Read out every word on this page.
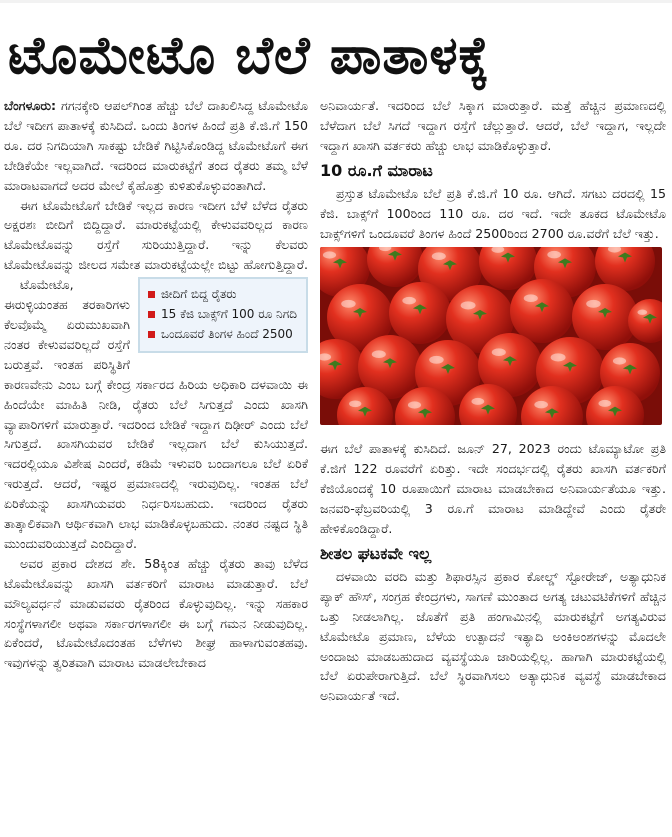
ಟೊಮೇಟೊ ಬೆಲೆ ಪಾತಾಳಕ್ಕೆ

ಬೆಂಗಳೂರು: ಗಗನಕ್ಕೇರಿ ಆಪಲ್‌ಗಿಂತ ಹೆಚ್ಚು ಬೆಲೆ ದಾಖಲಿಸಿದ್ದ ಟೊಮೇಟೊ ಬೆಲೆ ಇದೀಗ ಪಾತಾಳಕ್ಕೆ ಕುಸಿದಿದೆ. ಒಂದು ತಿಂಗಳ ಹಿಂದೆ ಪ್ರತಿ ಕೆ.ಜಿ.ಗೆ 150 ರೂ. ದರ ನಿಗದಿಯಾಗಿ ಸಾಕಷ್ಟು ಬೇಡಿಕೆ ಗಿಟ್ಟಿಸಿಕೊಂಡಿದ್ದ ಟೊಮೇಟೊಗೆ ಈಗ ಬೇಡಿಕೆಯೇ ಇಲ್ಲವಾಗಿದೆ. ಇದರಿಂದ ಮಾರುಕಟ್ಟೆಗೆ ತಂದ ರೈತರು ತಮ್ಮ ಬೆಳೆ ಮಾರಾಟವಾಗದೆ ಅದರ ಮೇಲೆ ಕೈಹೊತ್ತು ಕುಳಿತುಕೊಳ್ಳುವಂತಾಗಿದೆ.

ಈಗ ಟೊಮೇಟೊಗೆ ಬೇಡಿಕೆ ಇಲ್ಲದ ಕಾರಣ ಇದೀಗ ಬೆಳೆ ಬೆಳೆದ ರೈತರು ಅಕ್ಷರಶಃ ಬೀದಿಗೆ ಬಿದ್ದಿದ್ದಾರೆ. ಮಾರುಕಟ್ಟೆಯಲ್ಲಿ ಕೇಳುವವರಿಲ್ಲದ ಕಾರಣ ಟೊಮೇಟೊವನ್ನು ರಸ್ತೆಗೆ ಸುರಿಯುತ್ತಿದ್ದಾರೆ. ಇನ್ನು ಕೆಲವರು ಟೊಮೇಟೊವನ್ನು ಜೀಲದ ಸಮೇತ ಮಾರುಕಟ್ಟೆಯಲ್ಲೇ ಬಿಟ್ಟು ಹೋಗುತ್ತಿದ್ದಾರೆ.

ಜೀದಿಗೆ ಬಿದ್ದ ರೈತರು
15 ಕೆಜಿ ಬಾಕ್ಸ್‌ಗೆ 100 ರೂ ನಿಗದಿ
ಒಂದೂವರೆ ತಿಂಗಳ ಹಿಂದೆ 2500

ಟೊಮೇಟೊ, ಈರುಳ್ಳಿಯಂತಹ ತರಕಾರಿಗಳು ಕೆಲವೊಮ್ಮೆ ಏರುಮುಖವಾಗಿ ನಂತರ ಕೇಳುವವರಿಲ್ಲದೆ ರಸ್ತೆಗೆ ಬರುತ್ತವೆ. ಇಂತಹ ಪರಿಸ್ಥಿತಿಗೆ ಕಾರಣವೇನು ಎಂಬ ಬಗ್ಗೆ ಕೇಂದ್ರ ಸರ್ಕಾರದ ಹಿರಿಯ ಅಧಿಕಾರಿ ದಳವಾಯಿ ಈ ಹಿಂದೆಯೇ ಮಾಹಿತಿ ನೀಡಿ, ರೈತರು ಬೆಲೆ ಸಿಗುತ್ತದೆ ಎಂದು ಖಾಸಗಿ ವ್ಯಾಪಾರಿಗಳಿಗೆ ಮಾರುತ್ತಾರೆ. ಇದರಿಂದ ಬೇಡಿಕೆ ಇದ್ದಾಗ ದಿಢೀರ್ ಎಂದು ಬೆಲೆ ಸಿಗುತ್ತದೆ. ಖಾಸಗಿಯವರ ಬೇಡಿಕೆ ಇಲ್ಲದಾಗ ಬೆಲೆ ಕುಸಿಯುತ್ತದೆ. ಇದರಲ್ಲಿಯೂ ವಿಶೇಷ ಎಂದರೆ, ಕಡಿಮೆ ಇಳುವರಿ ಬಂದಾಗಲೂ ಬೆಲೆ ಏರಿಕೆ ಇರುತ್ತದೆ. ಆದರೆ, ಇಷ್ಟರ ಪ್ರಮಾಣದಲ್ಲಿ ಇರುವುದಿಲ್ಲ. ಇಂತಹ ಬೆಲೆ ಏರಿಕೆಯನ್ನು ಖಾಸಗಿಯವರು ನಿರ್ಧರಿಸಬಹುದು. ಇದರಿಂದ ರೈತರು ತಾತ್ಕಾಲಿಕವಾಗಿ ಆರ್ಥಿಕವಾಗಿ ಲಾಭ ಮಾಡಿಕೊಳ್ಳಬಹುದು. ನಂತರ ನಷ್ಟದ ಸ್ಥಿತಿ ಮುಂದುವರಿಯುತ್ತದೆ ಎಂದಿದ್ದಾರೆ.

ಅವರ ಪ್ರಕಾರ ದೇಶದ ಶೇ. 58ಕ್ಕಿಂತ ಹೆಚ್ಚು ರೈತರು ತಾವು ಬೆಳೆದ ಟೊಮೇಟೊವನ್ನು ಖಾಸಗಿ ವರ್ತಕರಿಗೆ ಮಾರಾಟ ಮಾಡುತ್ತಾರೆ. ಬೆಲೆ ಮೌಲ್ಯವರ್ಧನೆ ಮಾಡುವವರು ರೈತರಿಂದ ಕೊಳ್ಳುವುದಿಲ್ಲ. ಇನ್ನು ಸಹಕಾರ ಸಂಸ್ಥೆಗಳಾಗಲೀ ಅಥವಾ ಸರ್ಕಾರಗಳಾಗಲೀ ಈ ಬಗ್ಗೆ ಗಮನ ನೀಡುವುದಿಲ್ಲ. ಏಕೆಂದರೆ, ಟೊಮೇಟೊದಂತಹ ಬೆಳೆಗಳು ಶೀಘ್ರ ಹಾಳಾಗುವಂತಹವು. ಇವುಗಳನ್ನು ತ್ವರಿತವಾಗಿ ಮಾರಾಟ ಮಾಡಲೇಬೇಕಾದ

ಅನಿವಾರ್ಯತೆ. ಇದರಿಂದ ಬೆಲೆ ಸಿಕ್ಕಾಗ ಮಾರುತ್ತಾರೆ. ಮತ್ತೆ ಹೆಚ್ಚಿನ ಪ್ರಮಾಣದಲ್ಲಿ ಬೆಳೆದಾಗ ಬೆಲೆ ಸಿಗದೆ ಇದ್ದಾಗ ರಸ್ತೆಗೆ ಚೆಲ್ಲುತ್ತಾರೆ. ಆದರೆ, ಬೆಲೆ ಇದ್ದಾಗ, ಇಲ್ಲದೇ ಇದ್ದಾಗ ಖಾಸಗಿ ವರ್ತಕರು ಹೆಚ್ಚು ಲಾಭ ಮಾಡಿಕೊಳ್ಳುತ್ತಾರೆ.

10 ರೂ.ಗೆ ಮಾರಾಟ

ಪ್ರಸ್ತುತ ಟೊಮೇಟೊ ಬೆಲೆ ಪ್ರತಿ ಕೆ.ಜಿ.ಗೆ 10 ರೂ. ಆಗಿದೆ. ಸಗಟು ದರದಲ್ಲಿ 15 ಕೆಜಿ. ಬಾಕ್ಸ್‌ಗೆ 100ರಿಂದ 110 ರೂ. ದರ ಇದೆ. ಇದೇ ತೂಕದ ಟೊಮೇಟೊ ಬಾಕ್ಸ್‌ಗಳಿಗೆ ಒಂದೂವರೆ ತಿಂಗಳ ಹಿಂದೆ 2500ರಿಂದ 2700 ರೂ.ವರೆಗೆ ಬೆಲೆ ಇತ್ತು.

ಈಗ ಬೆಲೆ ಪಾತಾಳಕ್ಕೆ ಕುಸಿದಿದೆ. ಜೂನ್ 27, 2023 ರಂದು ಟೊಮ್ಯಾಟೋ ಪ್ರತಿ ಕೆ.ಜಿಗೆ 122 ರೂವರೆಗೆ ಏರಿತ್ತು. ಇದೇ ಸಂದರ್ಭದಲ್ಲಿ ರೈತರು ಖಾಸಗಿ ವರ್ತಕರಿಗೆ ಕೆಜಿಯೊಂದಕ್ಕೆ 10 ರೂಪಾಯಿಗೆ ಮಾರಾಟ ಮಾಡಬೇಕಾದ ಅನಿವಾರ್ಯತೆಯೂ ಇತ್ತು. ಜನವರಿ-ಫೆಬ್ರವರಿಯಲ್ಲಿ 3 ರೂ.ಗೆ ಮಾರಾಟ ಮಾಡಿದ್ದೇವೆ ಎಂದು ರೈತರೇ ಹೇಳಿಕೊಂಡಿದ್ದಾರೆ.

ಶೀತಲ ಘಟಕವೇ ಇಲ್ಲ

ದಳವಾಯಿ ವರದಿ ಮತ್ತು ಶಿಫಾರಸ್ಸಿನ ಪ್ರಕಾರ ಕೋಲ್ಡ್ ಸ್ಟೋರೇಜ್, ಅತ್ಯಾಧುನಿಕ ಪ್ಯಾಕ್ ಹೌಸ್, ಸಂಗ್ರಹ ಕೇಂದ್ರಗಳು, ಸಾಗಣೆ ಮುಂತಾದ ಅಗತ್ಯ ಚಟುವಟಿಕೆಗಳಿಗೆ ಹೆಚ್ಚಿನ ಒತ್ತು ನೀಡಲಾಗಿಲ್ಲ. ಜೊತೆಗೆ ಪ್ರತಿ ಹಂಗಾಮಿನಲ್ಲಿ ಮಾರುಕಟ್ಟೆಗೆ ಅಗತ್ಯವಿರುವ ಟೊಮೇಟೊ ಪ್ರಮಾಣ, ಬೆಳೆಯ ಉತ್ಪಾದನೆ ಇತ್ಯಾದಿ ಅಂಕಿಅಂಶಗಳನ್ನು ಮೊದಲೇ ಅಂದಾಜು ಮಾಡಬಹುದಾದ ವ್ಯವಸ್ಥೆಯೂ ಜಾರಿಯಲ್ಲಿಲ್ಲ. ಹಾಗಾಗಿ ಮಾರುಕಟ್ಟೆಯಲ್ಲಿ ಬೆಲೆ ಏರುಪೇರಾಗುತ್ತಿದೆ. ಬೆಲೆ ಸ್ಥಿರವಾಗಿಸಲು ಅತ್ಯಾಧುನಿಕ ವ್ಯವಸ್ಥೆ ಮಾಡಬೇಕಾದ ಅನಿವಾರ್ಯತೆ ಇದೆ.
